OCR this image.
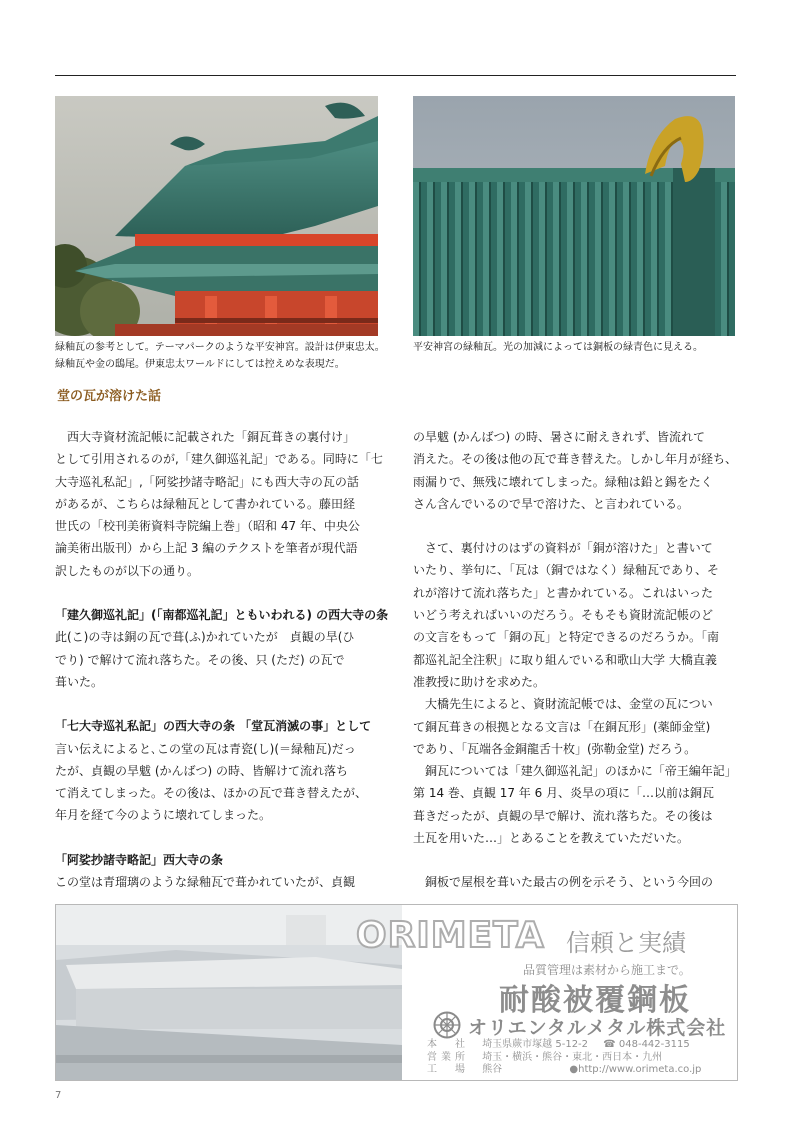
緑釉瓦の参考として。テーマパークのような平安神宮。設計は伊東忠太。
緑釉瓦や金の鴟尾。伊東忠太ワールドにしては控えめな表現だ。
平安神宮の緑釉瓦。光の加減によっては銅板の緑青色に見える。
堂の瓦が溶けた話

　西大寺資材流記帳に記載された「銅瓦葺きの裏付け」

として引用されるのが,「建久御巡礼記」である。同時に「七

大寺巡礼私記」,「阿娑抄諸寺略記」にも西大寺の瓦の話

があるが、こちらは緑釉瓦として書かれている。藤田経

世氏の「校刊美術資料寺院編上巻」（昭和 47 年、中央公

論美術出版刊）から上記 3 編のテクストを筆者が現代語

訳したものが以下の通り。

「建久御巡礼記」(「南都巡礼記」ともいわれる) の西大寺の条

此(こ)の寺は銅の瓦で葺(ふ)かれていたが　貞観の旱(ひ

でり) で解けて流れ落ちた。その後、只 (ただ) の瓦で

葺いた。

「七大寺巡礼私記」の西大寺の条 「堂瓦消滅の事」として

言い伝えによると､この堂の瓦は青瓷(し)(＝緑釉瓦)だっ

たが、貞観の旱魃 (かんばつ) の時、皆解けて流れ落ち

て消えてしまった。その後は、ほかの瓦で葺き替えたが、

年月を経て今のように壊れてしまった。

「阿娑抄諸寺略記」西大寺の条

この堂は青瑠璃のような緑釉瓦で葺かれていたが、貞観

の旱魃 (かんばつ) の時、暑さに耐えきれず、皆流れて

消えた。その後は他の瓦で葺き替えた。しかし年月が経ち、

雨漏りで、無残に壊れてしまった。緑釉は鉛と錫をたく

さん含んでいるので旱で溶けた、と言われている。

　さて、裏付けのはずの資料が「銅が溶けた」と書いて

いたり、挙句に、「瓦は（銅ではなく）緑釉瓦であり、そ

れが溶けて流れ落ちた」と書かれている。これはいった

いどう考えればいいのだろう。そもそも資財流記帳のど

の文言をもって「銅の瓦」と特定できるのだろうか。「南

都巡礼記全注釈」に取り組んでいる和歌山大学 大橋直義

准教授に助けを求めた。

　大橋先生によると、資財流記帳では、金堂の瓦につい

て銅瓦葺きの根拠となる文言は「在銅瓦形」(薬師金堂)

であり、「瓦端各金銅龍舌十枚」(弥勒金堂) だろう。

　銅瓦については「建久御巡礼記」のほかに「帝王編年記」

第 14 巻、貞観 17 年 6 月、炎旱の項に「…以前は銅瓦

葺きだったが、貞観の旱で解け、流れ落ちた。その後は

土瓦を用いた…」とあることを教えていただいた。

　銅板で屋根を葺いた最古の例を示そう、という今回の

ORIMETA 信頼と実績
品質管理は素材から施工まで。
耐酸被覆鋼板
オリエンタルメタル株式会社
本　社 埼玉県蕨市塚越 5-12-2 ☎ 048-442-3115
営業所 埼玉・横浜・熊谷・東北・西日本・九州
工　場 熊谷	●http://www.orimeta.co.jp
7
